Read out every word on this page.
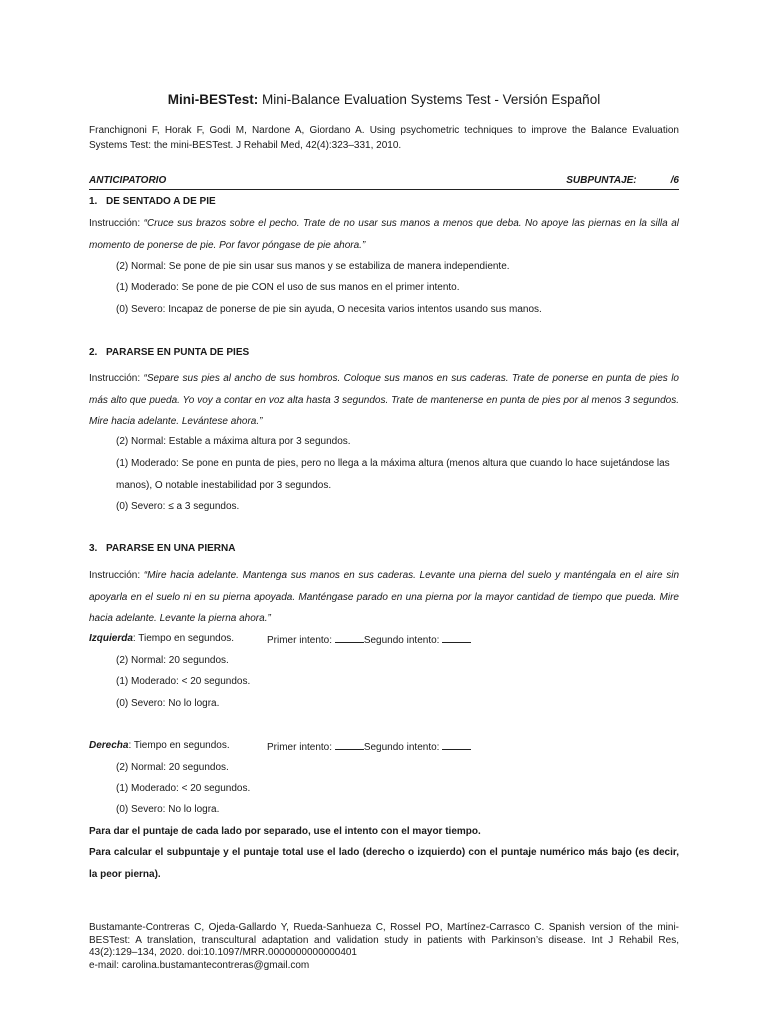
Mini-BESTest: Mini-Balance Evaluation Systems Test - Versión Español
Franchignoni F, Horak F, Godi M, Nardone A, Giordano A. Using psychometric techniques to improve the Balance Evaluation Systems Test: the mini-BESTest. J Rehabil Med, 42(4):323–331, 2010.
ANTICIPATORIO	SUBPUNTAJE:	/6
1. DE SENTADO A DE PIE
Instrucción: “Cruce sus brazos sobre el pecho. Trate de no usar sus manos a menos que deba. No apoye las piernas en la silla al momento de ponerse de pie. Por favor póngase de pie ahora.”
(2) Normal: Se pone de pie sin usar sus manos y se estabiliza de manera independiente.
(1) Moderado: Se pone de pie CON el uso de sus manos en el primer intento.
(0) Severo: Incapaz de ponerse de pie sin ayuda, O necesita varios intentos usando sus manos.
2. PARARSE EN PUNTA DE PIES
Instrucción: “Separe sus pies al ancho de sus hombros. Coloque sus manos en sus caderas. Trate de ponerse en punta de pies lo más alto que pueda. Yo voy a contar en voz alta hasta 3 segundos. Trate de mantenerse en punta de pies por al menos 3 segundos. Mire hacia adelante. Levántese ahora.”
(2) Normal: Estable a máxima altura por 3 segundos.
(1) Moderado: Se pone en punta de pies, pero no llega a la máxima altura (menos altura que cuando lo hace sujetándose las manos), O notable inestabilidad por 3 segundos.
(0) Severo: ≤ a 3 segundos.
3. PARARSE EN UNA PIERNA
Instrucción: “Mire hacia adelante. Mantenga sus manos en sus caderas. Levante una pierna del suelo y manténgala en el aire sin apoyarla en el suelo ni en su pierna apoyada. Manténgase parado en una pierna por la mayor cantidad de tiempo que pueda. Mire hacia adelante. Levante la pierna ahora.”
Izquierda: Tiempo en segundos.	Primer intento:	Segundo intento:
(2) Normal: 20 segundos.
(1) Moderado: < 20 segundos.
(0) Severo: No lo logra.
Derecha: Tiempo en segundos.	Primer intento:	Segundo intento:
(2) Normal: 20 segundos.
(1) Moderado: < 20 segundos.
(0) Severo: No lo logra.
Para dar el puntaje de cada lado por separado, use el intento con el mayor tiempo.
Para calcular el subpuntaje y el puntaje total use el lado (derecho o izquierdo) con el puntaje numérico más bajo (es decir, la peor pierna).
Bustamante-Contreras C, Ojeda-Gallardo Y, Rueda-Sanhueza C, Rossel PO, Martínez-Carrasco C. Spanish version of the mini-BESTest: A translation, transcultural adaptation and validation study in patients with Parkinson’s disease. Int J Rehabil Res, 43(2):129–134, 2020. doi:10.1097/MRR.0000000000000401
e-mail: carolina.bustamantecontreras@gmail.com
